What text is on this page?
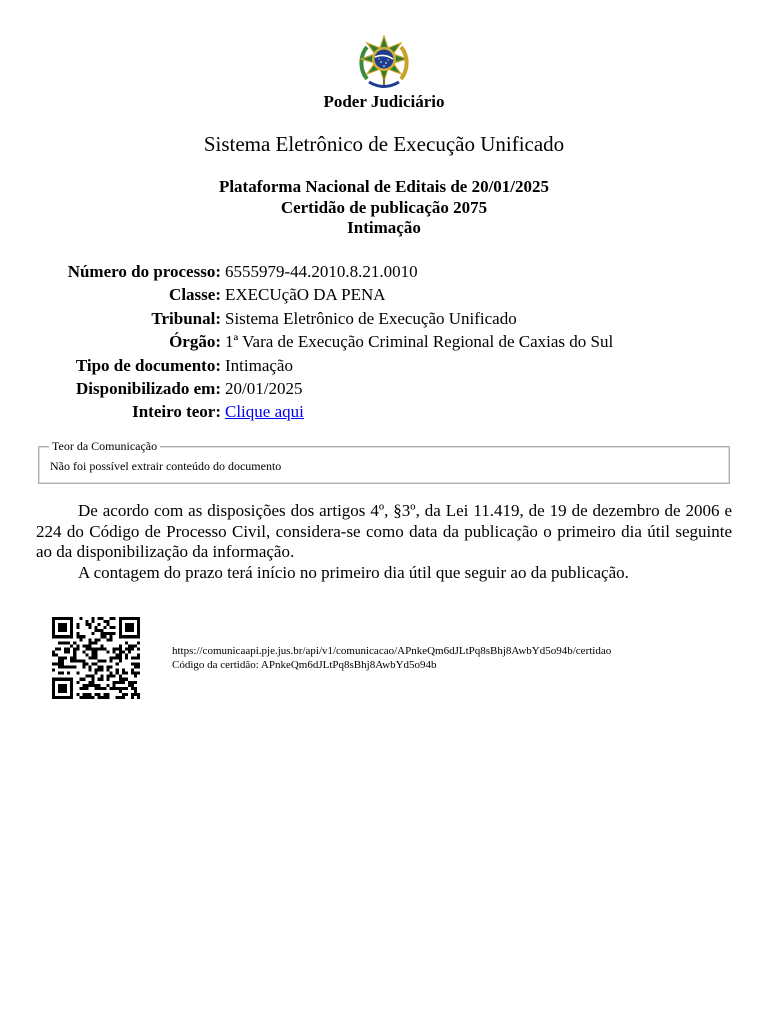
Poder Judiciário
Sistema Eletrônico de Execução Unificado
Plataforma Nacional de Editais de 20/01/2025
Certidão de publicação 2075
Intimação
Número do processo: 6555979-44.2010.8.21.0010
Classe: EXECUçãO DA PENA
Tribunal: Sistema Eletrônico de Execução Unificado
Órgão: 1ª Vara de Execução Criminal Regional de Caxias do Sul
Tipo de documento: Intimação
Disponibilizado em: 20/01/2025
Inteiro teor: Clique aqui
Teor da Comunicação
Não foi possível extrair conteúdo do documento

De acordo com as disposições dos artigos 4º, §3º, da Lei 11.419, de 19 de dezembro de 2006 e 224 do Código de Processo Civil, considera-se como data da publicação o primeiro dia útil seguinte ao da disponibilização da informação.

A contagem do prazo terá início no primeiro dia útil que seguir ao da publicação.

https://comunicaapi.pje.jus.br/api/v1/comunicacao/APnkeQm6dJLtPq8sBhj8AwbYd5o94b/certidao
Código da certidão: APnkeQm6dJLtPq8sBhj8AwbYd5o94b
